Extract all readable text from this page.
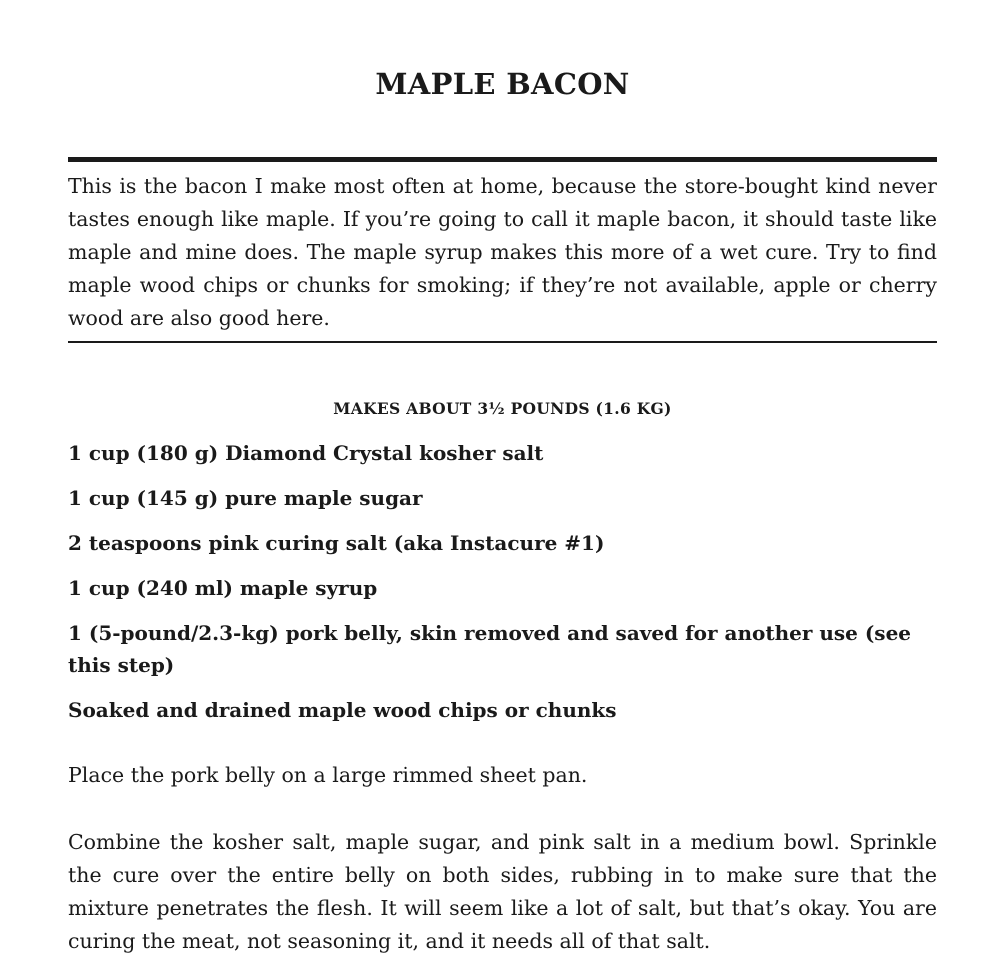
MAPLE BACON

This is the bacon I make most often at home, because the store-bought kind never tastes enough like maple. If you’re going to call it maple bacon, it should taste like maple and mine does. The maple syrup makes this more of a wet cure. Try to find maple wood chips or chunks for smoking; if they’re not available, apple or cherry wood are also good here.

MAKES ABOUT 3½ POUNDS (1.6 KG)

1 cup (180 g) Diamond Crystal kosher salt

1 cup (145 g) pure maple sugar

2 teaspoons pink curing salt (aka Instacure #1)

1 cup (240 ml) maple syrup

1 (5-pound/2.3-kg) pork belly, skin removed and saved for another use (see this step)

Soaked and drained maple wood chips or chunks

Place the pork belly on a large rimmed sheet pan.

Combine the kosher salt, maple sugar, and pink salt in a medium bowl. Sprinkle the cure over the entire belly on both sides, rubbing in to make sure that the mixture penetrates the flesh. It will seem like a lot of salt, but that’s okay. You are curing the meat, not seasoning it, and it needs all of that salt.
